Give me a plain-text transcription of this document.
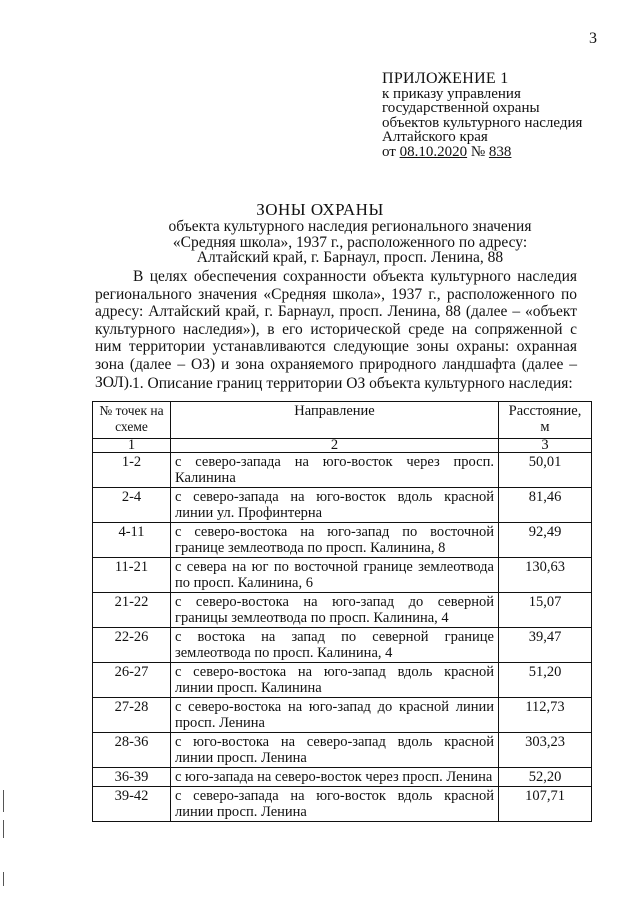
3
ПРИЛОЖЕНИЕ 1
к приказу управления
государственной охраны
объектов культурного наследия
Алтайского края
от 08.10.2020 № 838
ЗОНЫ ОХРАНЫ
объекта культурного наследия регионального значения
«Средняя школа», 1937 г., расположенного по адресу:
Алтайский край, г. Барнаул, просп. Ленина, 88

В целях обеспечения сохранности объекта культурного наследия регионального значения «Средняя школа», 1937 г., расположенного по адресу: Алтайский край, г. Барнаул, просп. Ленина, 88 (далее – «объект культурного наследия»), в его исторической среде на сопряженной с ним территории устанавливаются следующие зоны охраны: охранная зона (далее – ОЗ) и зона охраняемого природного ландшафта (далее – ЗОЛ). 1. Описание границ территории ОЗ объекта культурного наследия:
№ точек на
схеме	Направление	Расстояние, м
1	2	3
1-2	с северо-запада на юго-восток через просп. Калинина	50,01
2-4	с северо-запада на юго-восток вдоль красной линии ул. Профинтерна	81,46
4-11	с северо-востока на юго-запад по восточной границе землеотвода по просп. Калинина, 8	92,49
11-21	с севера на юг по восточной границе землеотвода по просп. Калинина, 6	130,63
21-22	с северо-востока на юго-запад до северной границы землеотвода по просп. Калинина, 4	15,07
22-26	с востока на запад по северной границе землеотвода по просп. Калинина, 4	39,47
26-27	с северо-востока на юго-запад вдоль красной линии просп. Калинина	51,20
27-28	с северо-востока на юго-запад до красной линии просп. Ленина	112,73
28-36	с юго-востока на северо-запад вдоль красной линии просп. Ленина	303,23
36-39	с юго-запада на северо-восток через просп. Ленина	52,20
39-42	с северо-запада на юго-восток вдоль красной линии просп. Ленина	107,71
